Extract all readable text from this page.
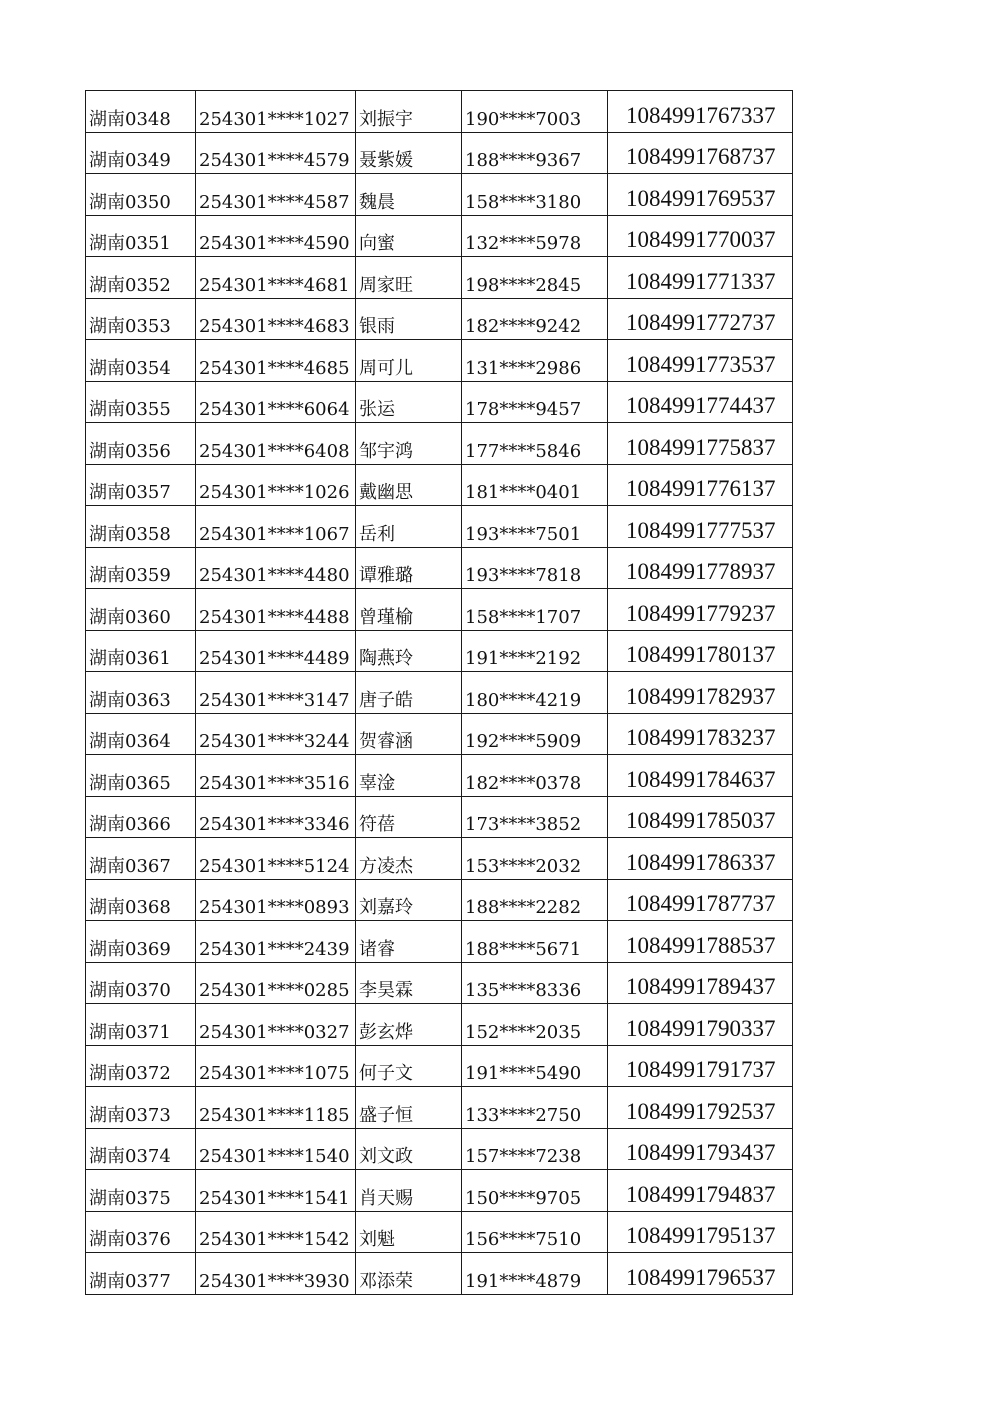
湖南0348	254301****1027	刘振宇	190****7003	1084991767337
湖南0349	254301****4579	聂紫媛	188****9367	1084991768737
湖南0350	254301****4587	魏晨	158****3180	1084991769537
湖南0351	254301****4590	向蜜	132****5978	1084991770037
湖南0352	254301****4681	周家旺	198****2845	1084991771337
湖南0353	254301****4683	银雨	182****9242	1084991772737
湖南0354	254301****4685	周可儿	131****2986	1084991773537
湖南0355	254301****6064	张运	178****9457	1084991774437
湖南0356	254301****6408	邹宇鸿	177****5846	1084991775837
湖南0357	254301****1026	戴幽思	181****0401	1084991776137
湖南0358	254301****1067	岳利	193****7501	1084991777537
湖南0359	254301****4480	谭雅璐	193****7818	1084991778937
湖南0360	254301****4488	曾瑾榆	158****1707	1084991779237
湖南0361	254301****4489	陶燕玲	191****2192	1084991780137
湖南0363	254301****3147	唐子皓	180****4219	1084991782937
湖南0364	254301****3244	贺睿涵	192****5909	1084991783237
湖南0365	254301****3516	辜淦	182****0378	1084991784637
湖南0366	254301****3346	符蓓	173****3852	1084991785037
湖南0367	254301****5124	方凌杰	153****2032	1084991786337
湖南0368	254301****0893	刘嘉玲	188****2282	1084991787737
湖南0369	254301****2439	诸睿	188****5671	1084991788537
湖南0370	254301****0285	李昊霖	135****8336	1084991789437
湖南0371	254301****0327	彭玄烨	152****2035	1084991790337
湖南0372	254301****1075	何子文	191****5490	1084991791737
湖南0373	254301****1185	盛子恒	133****2750	1084991792537
湖南0374	254301****1540	刘文政	157****7238	1084991793437
湖南0375	254301****1541	肖天赐	150****9705	1084991794837
湖南0376	254301****1542	刘魁	156****7510	1084991795137
湖南0377	254301****3930	邓添荣	191****4879	1084991796537
